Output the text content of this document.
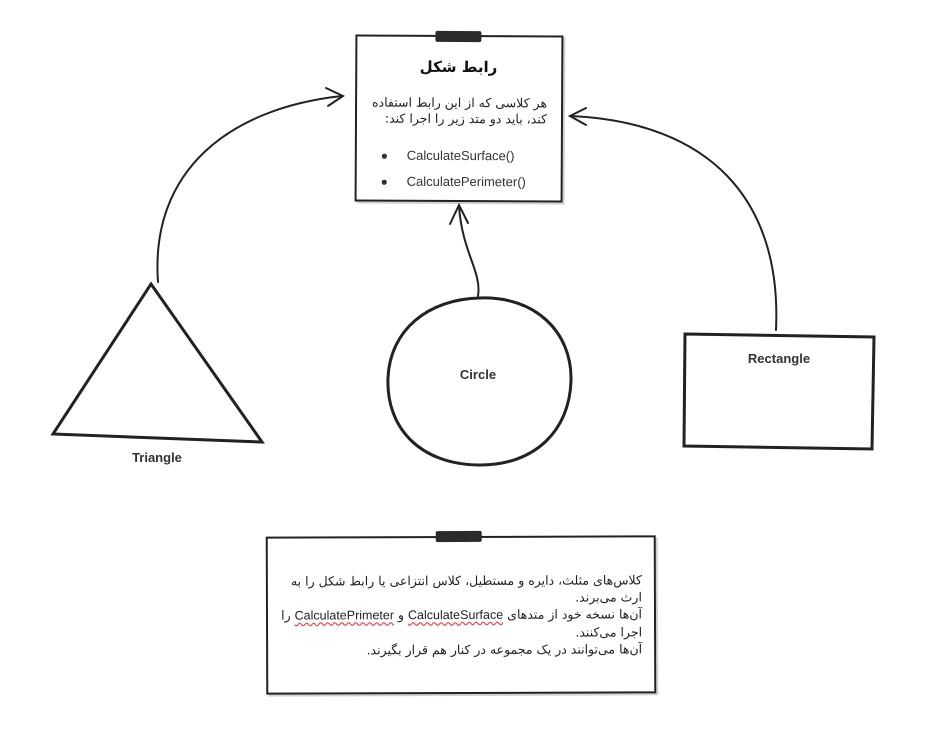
Triangle
Circle
Rectangle
رابط شکل
هر کلاسی که از این رابط استفاده کند، باید دو متد زیر را اجرا کند:
● CalculateSurface()
● CalculatePerimeter()
کلاس‌های مثلث، دایره و مستطیل، کلاس انتزاعی یا رابط شکل را به ارث می‌برند.
آن‌ها نسخه خود از متدهای CalculateSurface و CalculatePrimeter را اجرا می‌کنند.
آن‌ها می‌توانند در یک مجموعه در کنار هم قرار بگیرند.
